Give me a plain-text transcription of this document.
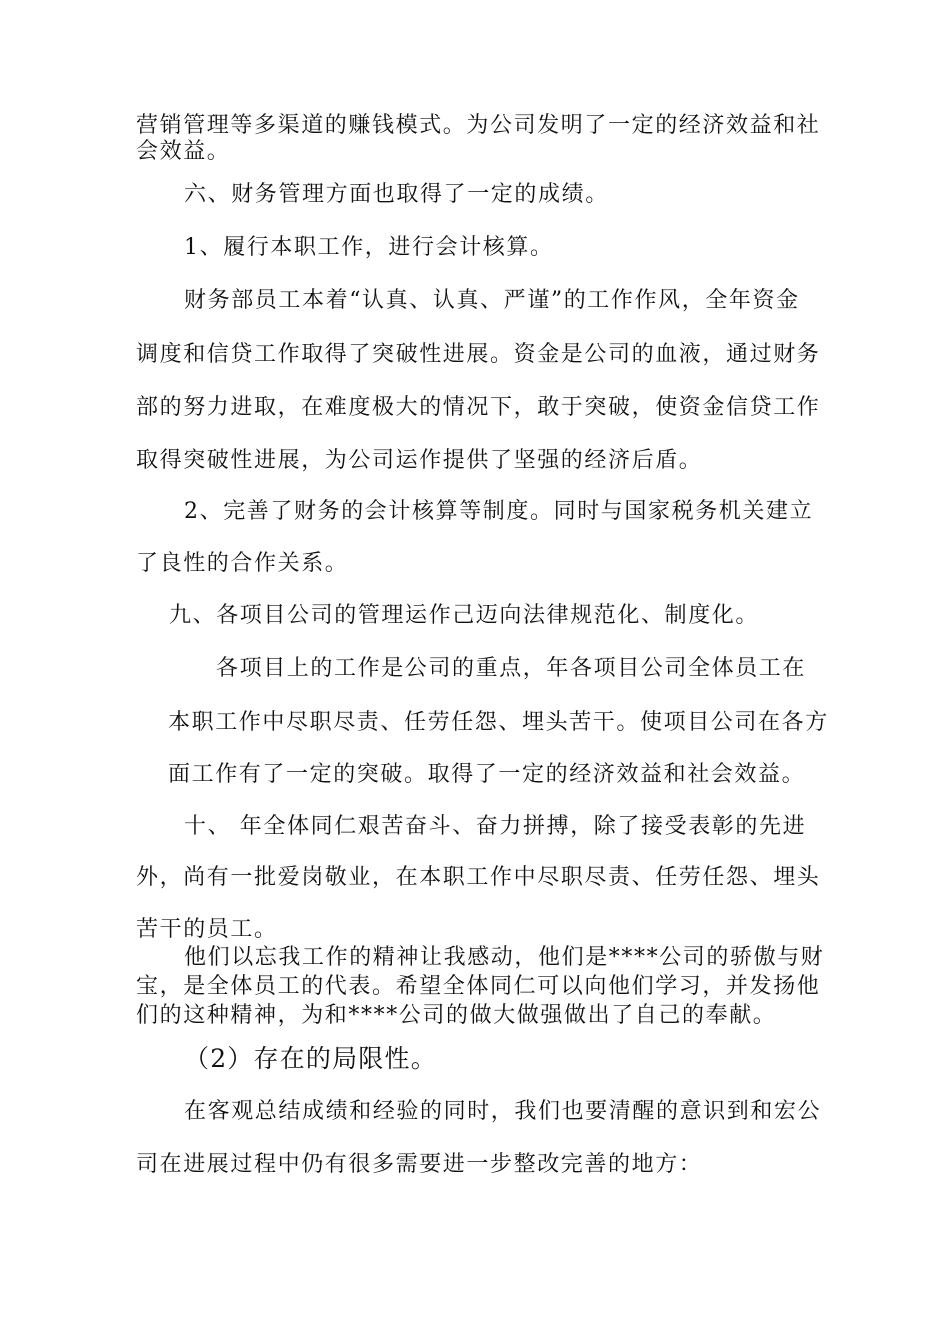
营销管理等多渠道的赚钱模式。为公司发明了一定的经济效益和社
会效益。
六、财务管理方面也取得了一定的成绩。
1、履行本职工作，进行会计核算。
财务部员工本着“认真、认真、严谨”的工作作风，全年资金
调度和信贷工作取得了突破性进展。资金是公司的血液，通过财务
部的努力进取，在难度极大的情况下，敢于突破，使资金信贷工作
取得突破性进展，为公司运作提供了坚强的经济后盾。
2、完善了财务的会计核算等制度。同时与国家税务机关建立
了良性的合作关系。
九、各项目公司的管理运作己迈向法律规范化、制度化。
各项目上的工作是公司的重点，年各项目公司全体员工在
本职工作中尽职尽责、任劳任怨、埋头苦干。使项目公司在各方
面工作有了一定的突破。取得了一定的经济效益和社会效益。
十、 年全体同仁艰苦奋斗、奋力拼搏，除了接受表彰的先进
外，尚有一批爱岗敬业，在本职工作中尽职尽责、任劳任怨、埋头
苦干的员工。
他们以忘我工作的精神让我感动，他们是****公司的骄傲与财
宝，是全体员工的代表。希望全体同仁可以向他们学习，并发扬他
们的这种精神，为和****公司的做大做强做出了自己的奉献。
（2）存在的局限性。
在客观总结成绩和经验的同时，我们也要清醒的意识到和宏公
司在进展过程中仍有很多需要进一步整改完善的地方：
